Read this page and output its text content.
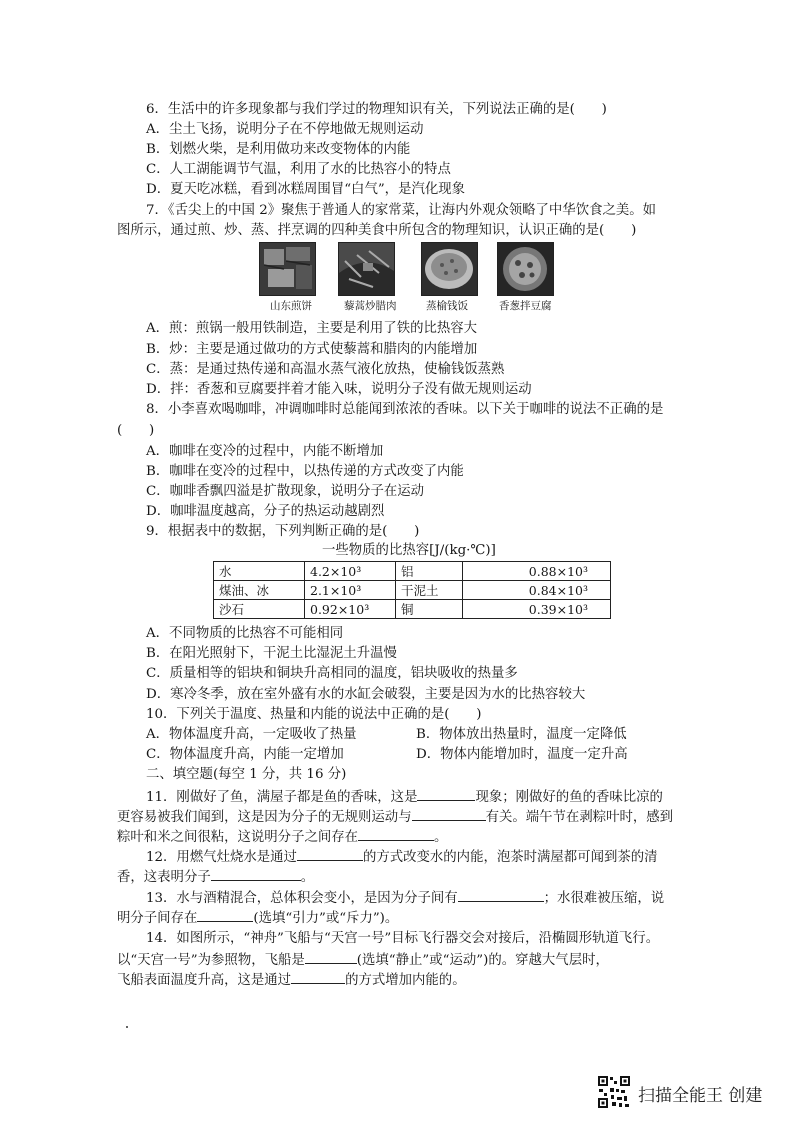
6．生活中的许多现象都与我们学过的物理知识有关，下列说法正确的是(　　)
A．尘土飞扬，说明分子在不停地做无规则运动
B．划燃火柴，是利用做功来改变物体的内能
C．人工湖能调节气温，利用了水的比热容小的特点
D．夏天吃冰糕，看到冰糕周围冒“白气”，是汽化现象
7．《舌尖上的中国 2》聚焦于普通人的家常菜，让海内外观众领略了中华饮食之美。如
图所示，通过煎、炒、蒸、拌烹调的四种美食中所包含的物理知识，认识正确的是(　　)
山东煎饼	藜蒿炒腊肉	蒸榆钱饭	香葱拌豆腐
A．煎：煎锅一般用铁制造，主要是利用了铁的比热容大
B．炒：主要是通过做功的方式使藜蒿和腊肉的内能增加
C．蒸：是通过热传递和高温水蒸气液化放热，使榆钱饭蒸熟
D．拌：香葱和豆腐要拌着才能入味，说明分子没有做无规则运动
8．小李喜欢喝咖啡，冲调咖啡时总能闻到浓浓的香味。以下关于咖啡的说法不正确的是
(　　)
A．咖啡在变冷的过程中，内能不断增加
B．咖啡在变冷的过程中，以热传递的方式改变了内能
C．咖啡香飘四溢是扩散现象，说明分子在运动
D．咖啡温度越高，分子的热运动越剧烈
9．根据表中的数据，下列判断正确的是(　　)
一些物质的比热容[J/(kg·℃)]
水	4.2×10³	铝	0.88×10³
煤油、冰	2.1×10³	干泥土	0.84×10³
沙石	0.92×10³	铜	0.39×10³
A．不同物质的比热容不可能相同
B．在阳光照射下，干泥土比湿泥土升温慢
C．质量相等的铝块和铜块升高相同的温度，铝块吸收的热量多
D．寒冷冬季，放在室外盛有水的水缸会破裂，主要是因为水的比热容较大
10．下列关于温度、热量和内能的说法中正确的是(　　)
A．物体温度升高，一定吸收了热量	B．物体放出热量时，温度一定降低
C．物体温度升高，内能一定增加	D．物体内能增加时，温度一定升高
二、填空题(每空 1 分，共 16 分)
11．刚做好了鱼，满屋子都是鱼的香味，这是	现象；刚做好的鱼的香味比凉的
更容易被我们闻到，这是因为分子的无规则运动与	有关。端午节在剥粽叶时，感到
粽叶和米之间很粘，这说明分子之间存在	。
12．用燃气灶烧水是通过	的方式改变水的内能，泡茶时满屋都可闻到茶的清
香，这表明分子	。
13．水与酒精混合，总体积会变小，是因为分子间有	；水很难被压缩，说
明分子间存在	(选填“引力”或“斥力”)。
14．如图所示，“神舟”飞船与“天宫一号”目标飞行器交会对接后，沿椭圆形轨道飞行。
以“天宫一号”为参照物，飞船是	(选填“静止”或“运动”)的。穿越大气层时，
飞船表面温度升高，这是通过	的方式增加内能的。
扫描全能王 创建
